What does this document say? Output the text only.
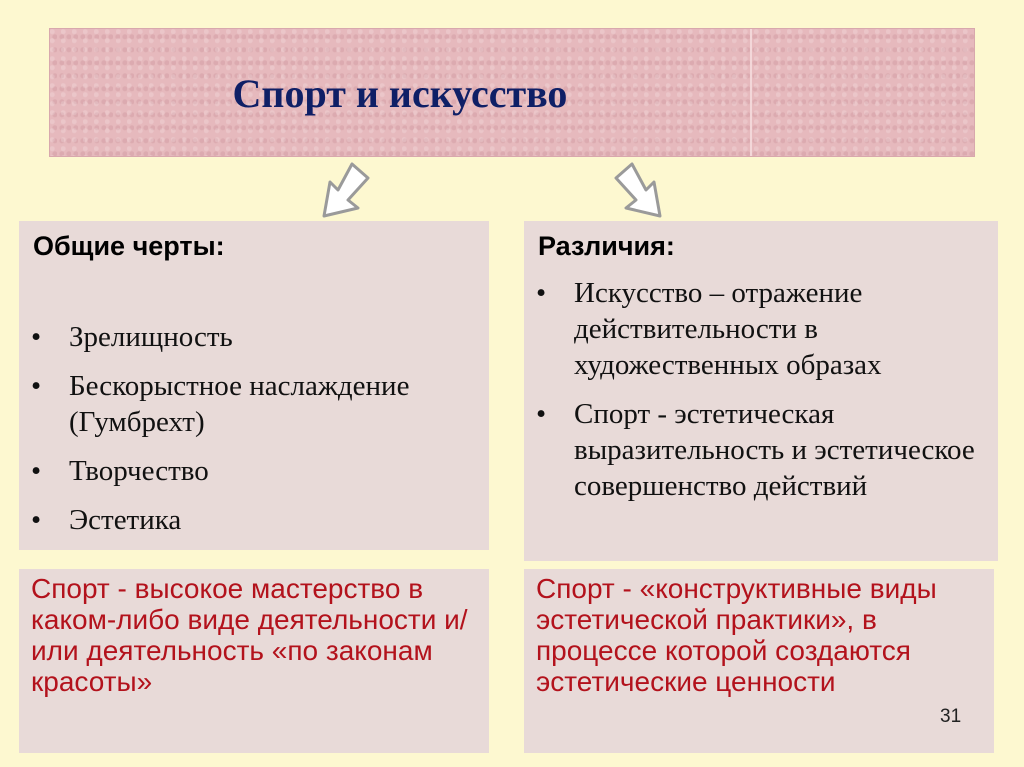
Спорт и искусство
Общие черты:
• Зрелищность
• Бескорыстное наслаждение (Гумбрехт)
• Творчество
• Эстетика
Различия:
• Искусство – отражение действительности в художественных образах
• Спорт - эстетическая выразительность и эстетическое совершенство действий
Спорт - высокое мастерство в каком-либо виде деятельности и/или деятельность «по законам красоты»
Спорт - «конструктивные виды эстетической практики», в процессе которой создаются эстетические ценности
31
